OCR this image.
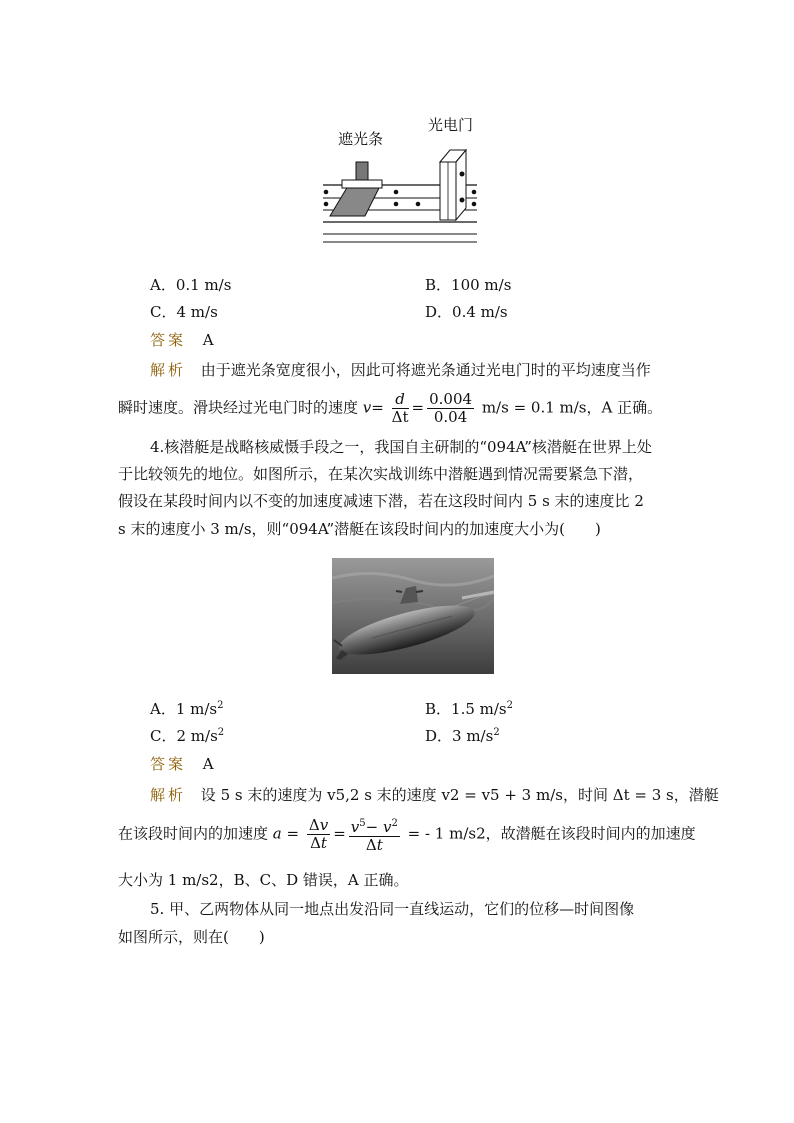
遮光条
光电门
A．0.1 m/s	B．100 m/s
C．4 m/s	D．0.4 m/s
答案 A
解析 由于遮光条宽度很小，因此可将遮光条通过光电门时的平均速度当作
瞬时速度。滑块经过光电门时的速度 $v= \frac{d}{\Delta t} = \frac{0.004}{0.04} m/s = 0.1$ m/s，A 正确。
4.核潜艇是战略核威慑手段之一，我国自主研制的“094A”核潜艇在世界上处
于比较领先的地位。如图所示，在某次实战训练中潜艇遇到情况需要紧急下潜，
假设在某段时间内以不变的加速度减速下潜，若在这段时间内 5 s 末的速度比 2
s 末的速度小 3 m/s，则“094A”潜艇在该段时间内的加速度大小为(　　)
A．1 $m/s^2$	B．1.5 $m/s^2$
C．2 $m/s^2$	D．3 $m/s^2$
答案 A
解析 设 5 s 末的速度为 v5,2 s 末的速度 v2 = v5 + 3 m/s，时间 Δt = 3 s，潜艇
在该段时间内的加速度 $a = \frac{\Delta v}{\Delta t} = \frac{v^5- v^2}{\Delta t}$ = - 1 m/s2，故潜艇在该段时间内的加速度
大小为 1 m/s2，B、C、D 错误，A 正确。
5. 甲、乙两物体从同一地点出发沿同一直线运动，它们的位移—时间图像
如图所示，则在(　　)
